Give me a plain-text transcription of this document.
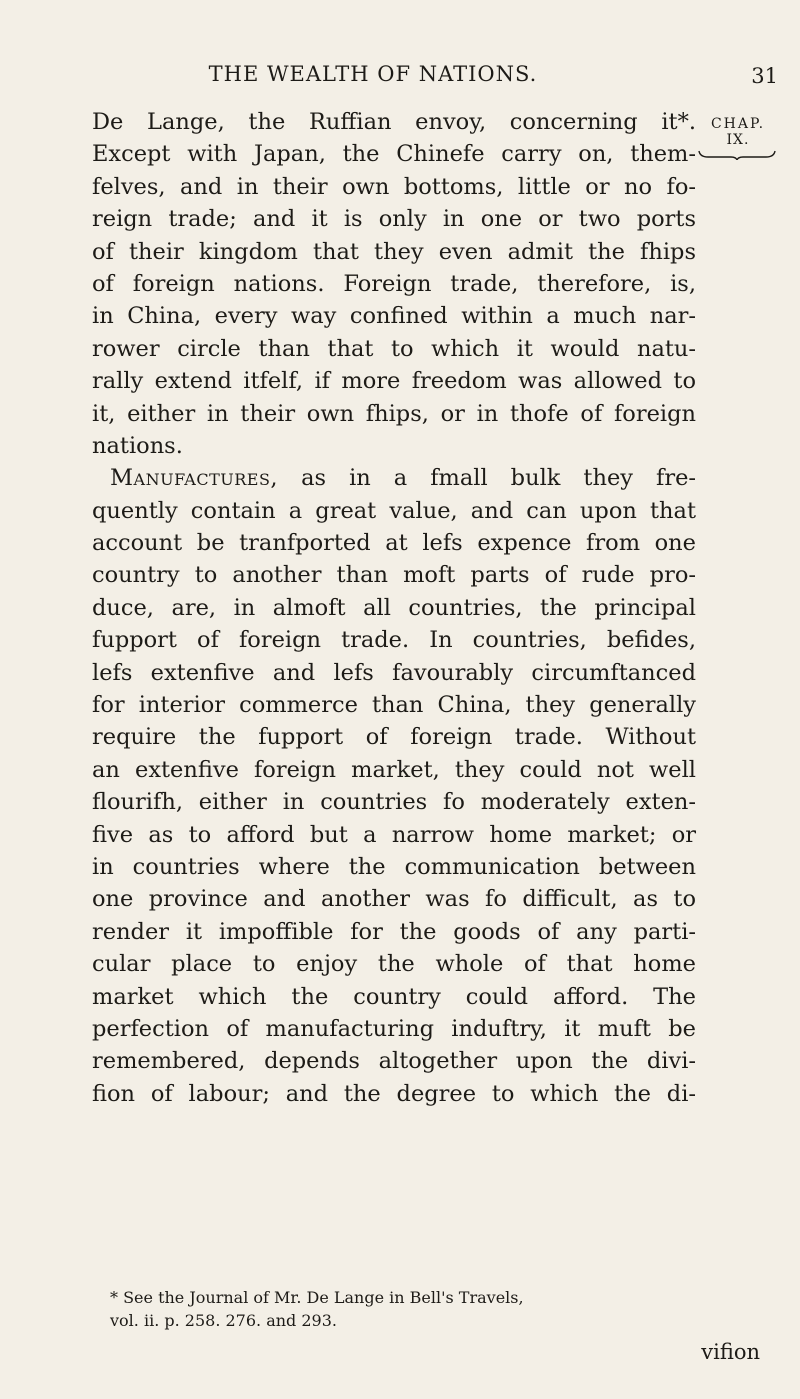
THE WEALTH OF NATIONS.	31
CHAP.
IX.
De Lange, the Ruffian envoy, concerning it*.
Except with Japan, the Chinefe carry on, them-
felves, and in their own bottoms, little or no fo-
reign trade; and it is only in one or two ports
of their kingdom that they even admit the fhips
of foreign nations. Foreign trade, therefore, is,
in China, every way confined within a much nar-
rower circle than that to which it would natu-
rally extend itfelf, if more freedom was allowed to
it, either in their own fhips, or in thofe of foreign
nations.
Manufactures, as in a fmall bulk they fre-
quently contain a great value, and can upon that
account be tranfported at lefs expence from one
country to another than moft parts of rude pro-
duce, are, in almoft all countries, the principal
fupport of foreign trade. In countries, befides,
lefs extenfive and lefs favourably circumftanced
for interior commerce than China, they generally
require the fupport of foreign trade. Without
an extenfive foreign market, they could not well
flourifh, either in countries fo moderately exten-
five as to afford but a narrow home market; or
in countries where the communication between
one province and another was fo difficult, as to
render it impoffible for the goods of any parti-
cular place to enjoy the whole of that home
market which the country could afford. The
perfection of manufacturing induftry, it muft be
remembered, depends altogether upon the divi-
fion of labour; and the degree to which the di-
* See the Journal of Mr. De Lange in Bell's Travels,
vol. ii. p. 258. 276. and 293.
vifion
